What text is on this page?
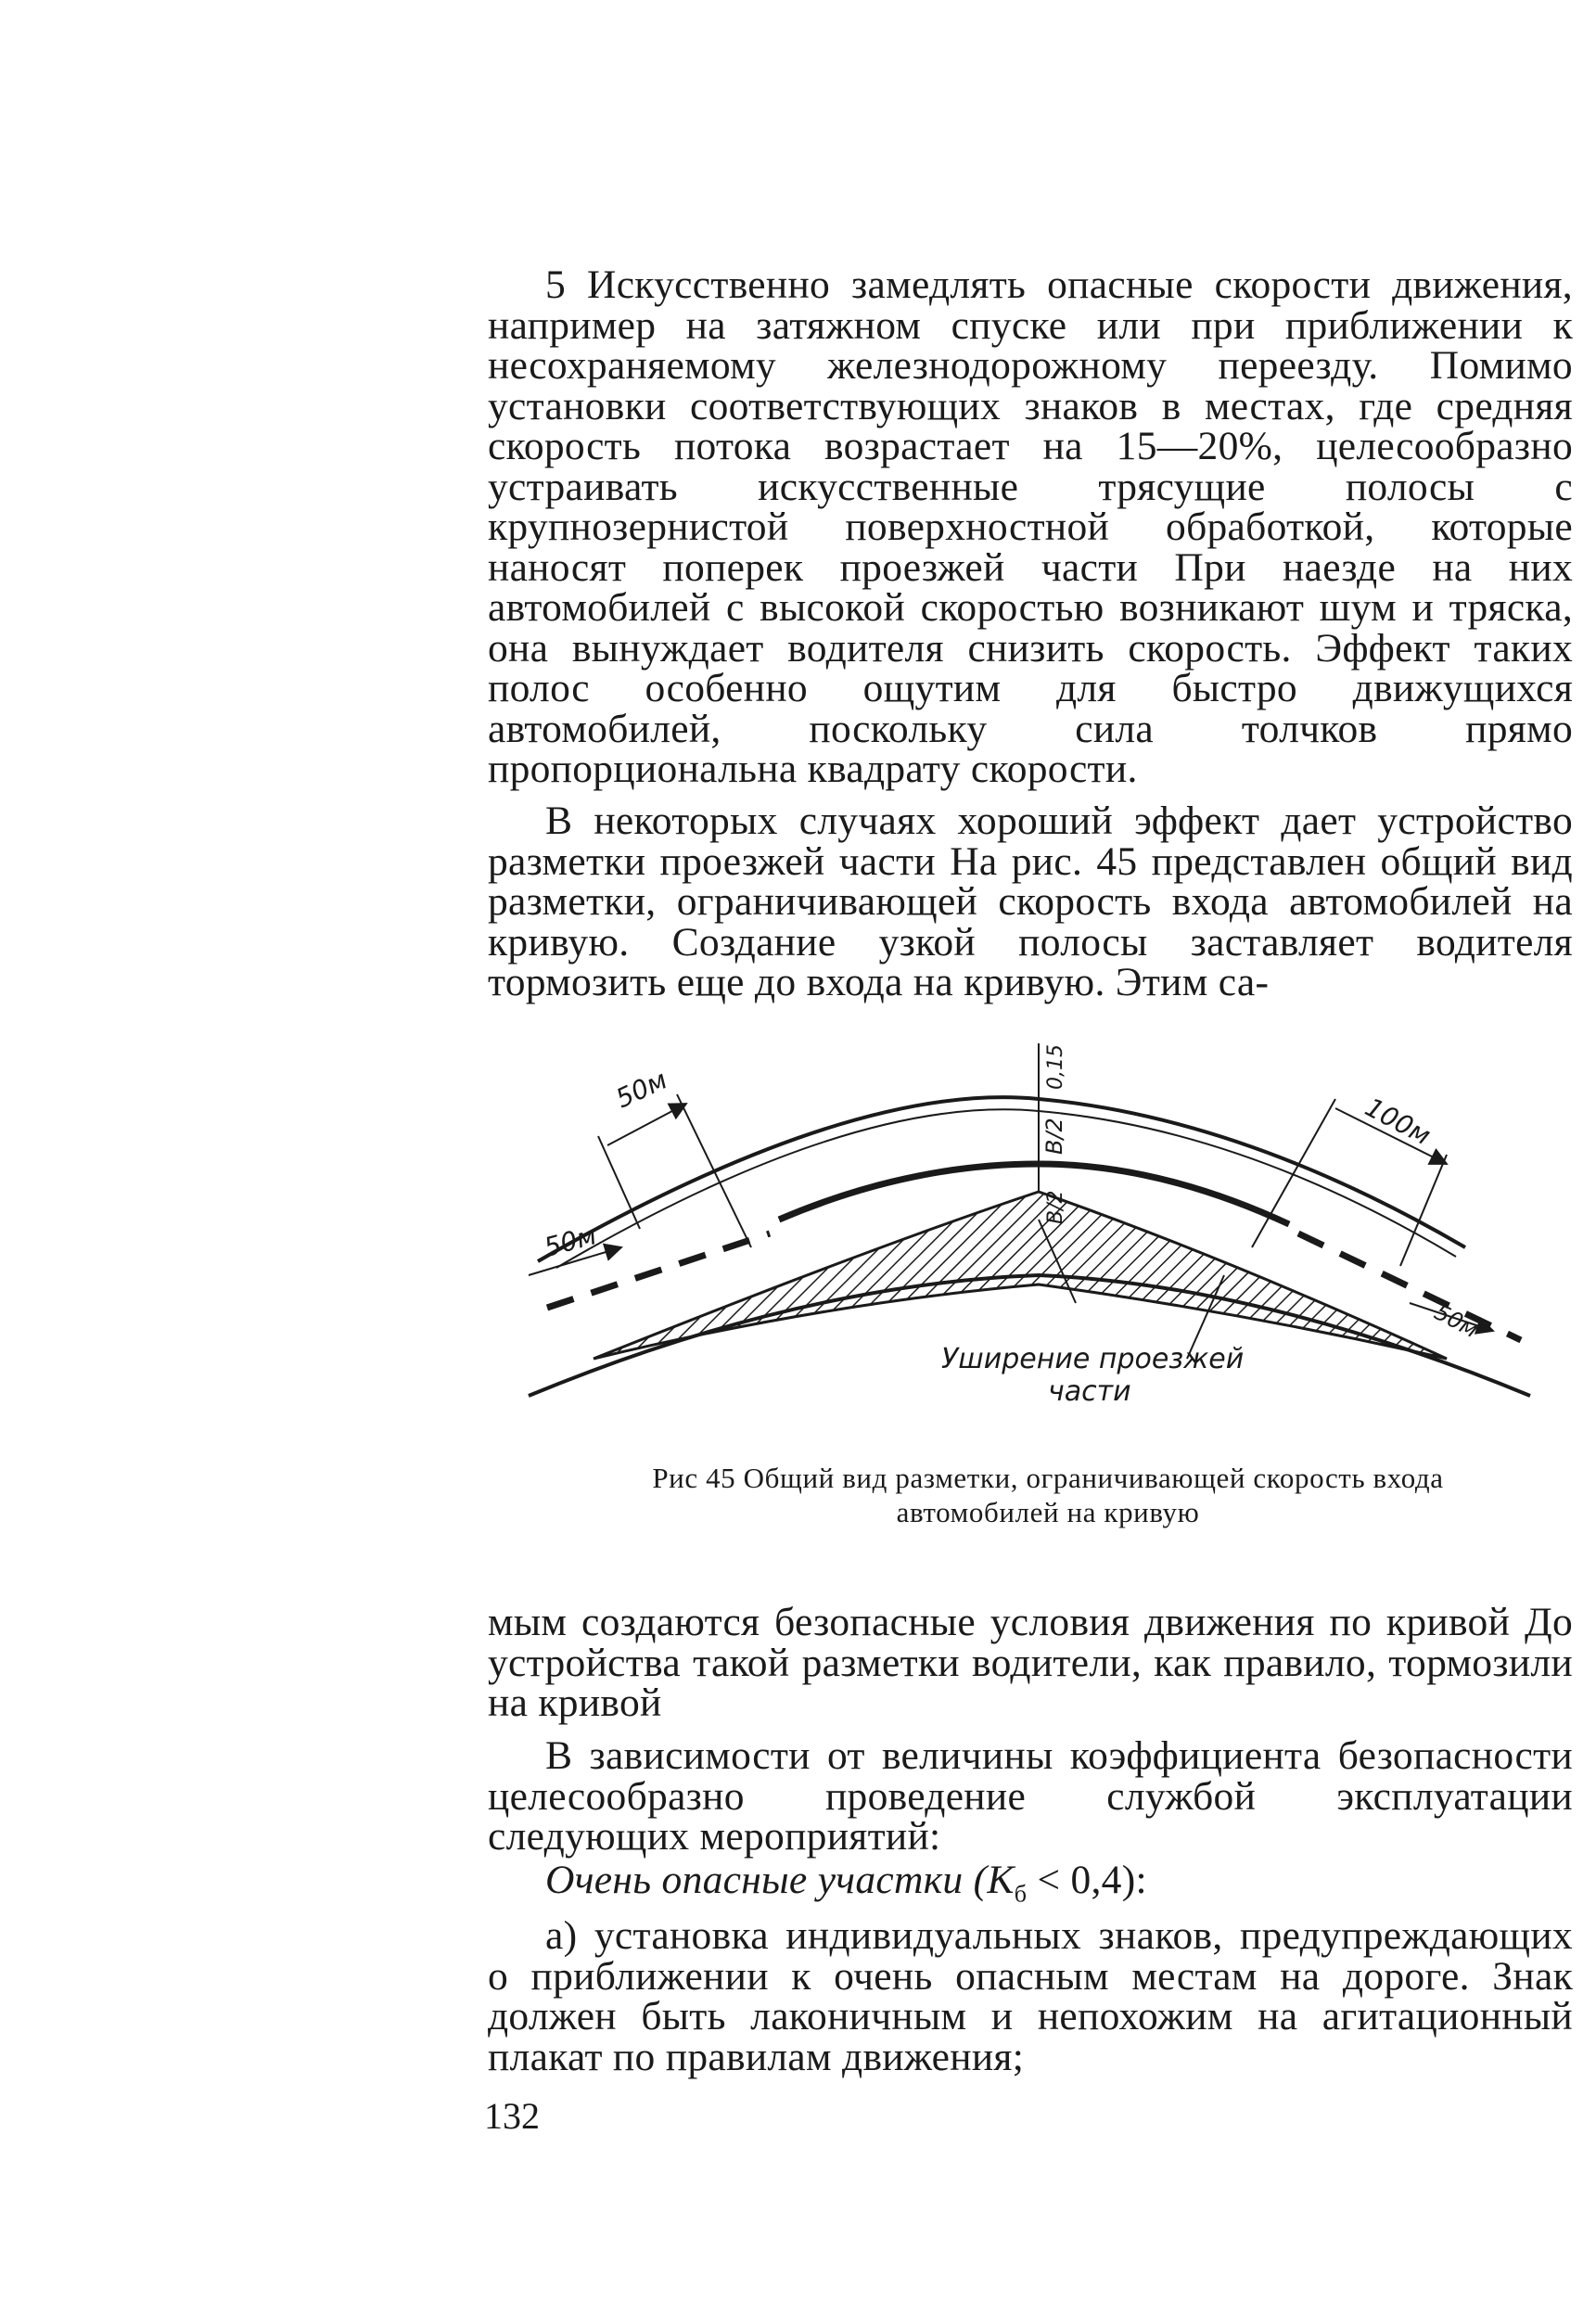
5 Искусственно замедлять опасные скорости движения, например на затяжном спуске или при приближении к несохраняемому железнодорожному переезду. Помимо установки соответствующих знаков в местах, где средняя скорость потока возрастает на 15—20%, целесообразно устраивать искусственные трясущие полосы с крупнозернистой поверхностной обработкой, которые наносят поперек проезжей части При наезде на них автомобилей с высокой скоростью возникают шум и тряска, она вынуждает водителя снизить скорость. Эффект таких полос особенно ощутим для быстро движущихся автомобилей, поскольку сила толчков прямо пропорциональна квадрату скорости.

В некоторых случаях хороший эффект дает устройство разметки проезжей части На рис. 45 представлен общий вид разметки, ограничивающей скорость входа автомобилей на кривую. Создание узкой полосы заставляет водителя тормозить еще до входа на кривую. Этим са-

50м
50м
100м
50м
0,15
B/2
B/2
Уширение проезжей
части
Рис 45 Общий вид разметки, ограничивающей скорость входа
автомобилей на кривую

мым создаются безопасные условия движения по кривой До устройства такой разметки водители, как правило, тормозили на кривой

В зависимости от величины коэффициента безопасности целесообразно проведение службой эксплуатации следующих мероприятий:

Очень опасные участки $(K_б < 0,4)$:

а) установка индивидуальных знаков, предупреждающих о приближении к очень опасным местам на дороге. Знак должен быть лаконичным и непохожим на агитационный плакат по правилам движения;

132
